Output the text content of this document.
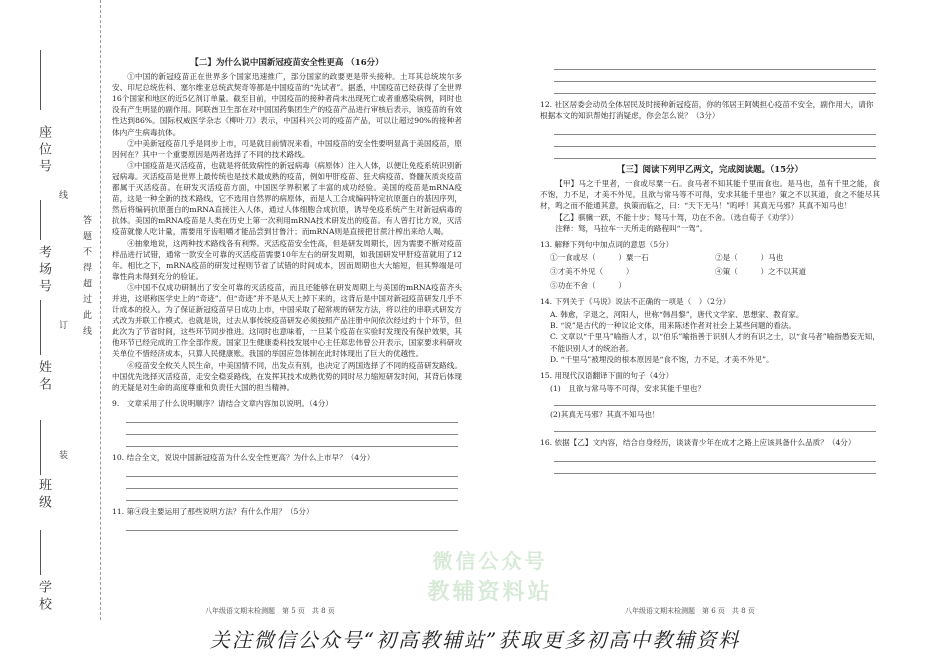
座位号
考场号
姓名
班级
学校
答 题 不 得 超 过 此 线
线
订
装
【二】为什么说中国新冠疫苗安全性更高 （16分）

①中国的新冠疫苗正在世界多个国家迅速推广，部分国家的政要更是带头接种。土耳其总统埃尔多安、印尼总统佐科、塞尔维亚总统武契奇等都是中国疫苗的“先试者”。据悉，中国疫苗已经获得了全世界16个国家和地区的近5亿剂订单量。截至目前，中国疫苗的接种者尚未出现死亡或者重感染病例，同时也没有产生明显的副作用。阿联酋卫生部在对中国国药集团生产的疫苗产品进行审核后表示，该疫苗的有效性达到86%。国际权威医学杂志《柳叶刀》表示，中国科兴公司的疫苗产品，可以让超过90%的接种者体内产生病毒抗体。

②中美新冠疫苗几乎是同步上市，可是就目前情况来看，中国疫苗的安全性要明显高于美国疫苗，原因何在？其中一个重要原因是两者选择了不同的技术路线。

③中国疫苗是灭活疫苗，也就是将低致病性的新冠病毒（病原体）注入人体，以便让免疫系统识别新冠病毒。灭活疫苗是世界上最传统也是技术最成熟的疫苗，例如甲肝疫苗、狂犬病疫苗、脊髓灰质炎疫苗都属于灭活疫苗。在研发灭活疫苗方面，中国医学界积累了丰富的成功经验。美国的疫苗是mRNA疫苗，这是一种全新的技术路线，它不选用自然界的病原体，而是人工合成编码特定抗原蛋白的基因序列，然后将编码抗原蛋白的mRNA直接注入人体，通过人体细胞合成抗原，诱导免疫系统产生对新冠病毒的抗体。美国的mRNA疫苗是人类在历史上第一次利用mRNA技术研发出的疫苗。有人曾打比方说，灭活疫苗就像人吃计量，需要用牙齿咀嚼才能品尝到甘鲁汁；而mRNA则是直接把甘蔗汁榨出来给人喝。

④抽象地说，这两种技术路线各有利弊。灭活疫苗安全性高，但是研发周期长，因为需要不断对疫苗样品进行试错，通常一款安全可靠的灭活疫苗需要10年左右的研发周期，如我国研发甲肝疫苗就用了12年。相比之下，mRNA疫苗的研发过程则节省了试错的时间成本，因而周期也大大缩短，但其弊端是可靠性尚未得到充分的验证。

⑤中国不仅成功研制出了安全可靠的灭活疫苗，而且还能够在研发周期上与美国的mRNA疫苗齐头并进，这堪称医学史上的“奇迹”。但“奇迹”并不是从天上掉下来的，这背后是中国对新冠疫苗研发几乎不计成本的投入。为了保证新冠疫苗早日成功上市，中国采取了超常规的研发方法，将以往的串联式研发方式改为并联工作模式。也就是说，过去从事传统疫苗研发必须按照产品注册中间依次经过约十个环节，但此次为了节省时间，这些环节同步推进。这同时也意味着，一旦某个疫苗在实验时发现没有保护效果，其他环节已经完成的工作全部作废。国家卫生健康委科技发展中心主任郑忠伟曾公开表示，国家要求科研攻关单位不惜经济成本，只算人民健康账。我国的举国应急体制在此时体现出了巨大的优越性。

⑥疫苗安全攸关人民生命，中美国情不同，出发点有别，也决定了两国选择了不同的疫苗研发路线。中国优先选择灭活疫苗，走安全稳妥路线，在发挥其技术成熟优势的同时尽力缩短研发时间，其背后体现的无疑是对生命的高度尊重和负责任大国的担当精神。

9.　文章采用了什么说明顺序？请结合文章内容加以说明。（4分）
10. 结合全文，说说中国新冠疫苗为什么安全性更高？为什么上市早？（4分）
11. 第④段主要运用了那些说明方法？有什么作用？（5分）
八年级语文期末检测题　第 5 页　共 8 页
12. 社区居委会动员全体居民及时接种新冠疫苗，你的邻居王阿姨担心疫苗不安全，副作用大，请你根据本文的知识帮她打消疑虑，你会怎么说？（3分）
【三】阅读下列甲乙两文，完成阅读题。（15分）

【甲】马之千里者，一食或尽粟一石。食马者不知其能千里而食也。是马也，虽有千里之能，食不饱，力不足，才美不外见，且欲与常马等不可得，安求其能千里也？策之不以其道，食之不能尽其材，鸣之而不能通其意，执策而临之，曰：“天下无马！”呜呼！其真无马邪？其真不知马也！

【乙】骐骥一跃，不能十步；驽马十驾，功在不舍。（选自荀子《劝学》）

注释：驽，马拉车一天所走的路程叫“一驾”。

13. 解释下列句中加点词的意思（5分）
①一食或尽（　　　）粟一石	②是（　　　）马也
③才美不外见（　　　）	④策（　　　）之不以其道
⑤功在不舍（　　　）
14. 下列关于《马说》说法不正确的一项是（　）（2分）
A. 韩愈，字退之，河阳人，世称“韩昌黎”，唐代文学家、思想家、教育家。
B. “说”是古代的一种议论文体，用来陈述作者对社会上某些问题的看法。
C. 文章以“千里马”喻指人才，以“伯乐”喻指善于识别人才的有识之士，以“食马者”喻指愚妄无知，不能识别人才的统治者。
D. “千里马”被埋没的根本原因是“食不饱，力不足，才美不外见”。
15. 用现代汉语翻译下面的句子（4分）
(1)　且欲与常马等不可得，安求其能千里也？
(2)其真无马邪？其真不知马也！
16. 依据【乙】文内容，结合自身经历，谈谈青少年在成才之路上应该具备什么品质？（4分）
八年级语文期末检测题　第 6 页　共 8 页
微信公众号
教辅资料站
关注微信公众号“初高教辅站”获取更多初高中教辅资料
